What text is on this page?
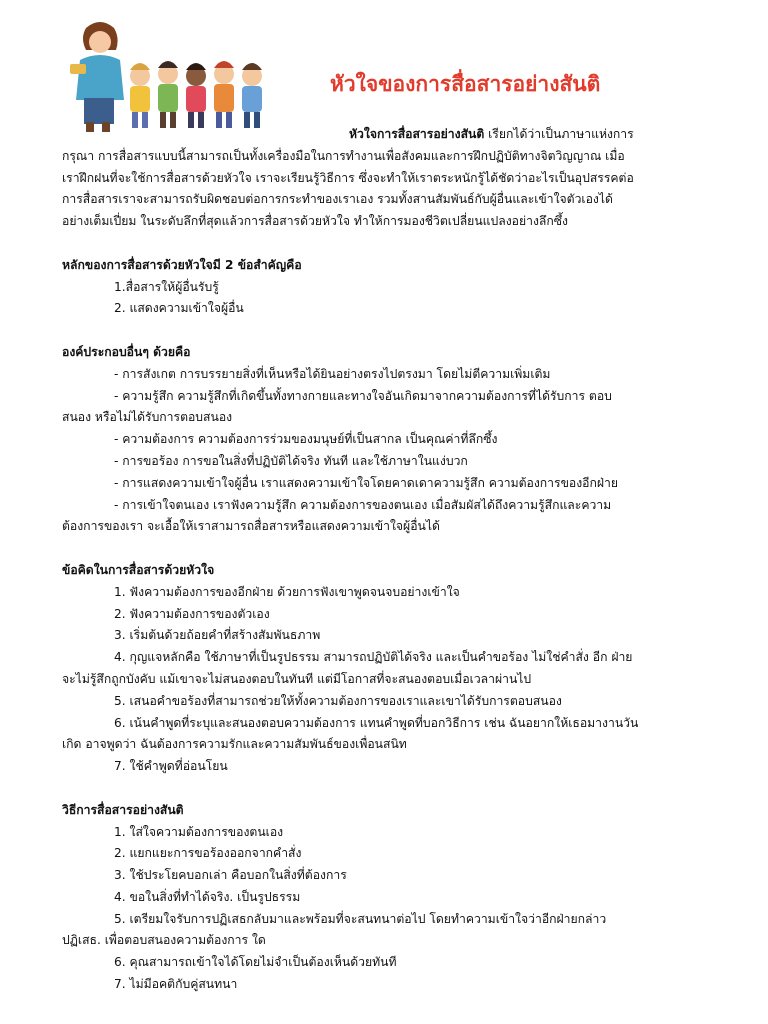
หัวใจของการสื่อสารอย่างสันติ
หัวใจการสื่อสารอย่างสันติ เรียกได้ว่าเป็นภาษาแห่งการ
กรุณา การสื่อสารแบบนี้สามารถเป็นทั้งเครื่องมือในการทำงานเพื่อสังคมและการฝึกปฏิบัติทางจิตวิญญาณ เมื่อ
เราฝึกฝนที่จะใช้การสื่อสารด้วยหัวใจ เราจะเรียนรู้วิธีการ ซึ่งจะทำให้เราตระหนักรู้ได้ชัดว่าอะไรเป็นอุปสรรคต่อ
การสื่อสารเราจะสามารถรับผิดชอบต่อการกระทำของเราเอง รวมทั้งสานสัมพันธ์กับผู้อื่นและเข้าใจตัวเองได้
อย่างเต็มเปี่ยม ในระดับลึกที่สุดแล้วการสื่อสารด้วยหัวใจ ทำให้การมองชีวิตเปลี่ยนแปลงอย่างลึกซึ้ง
หลักของการสื่อสารด้วยหัวใจมี 2 ข้อสำคัญคือ
1.สื่อสารให้ผู้อื่นรับรู้
2. แสดงความเข้าใจผู้อื่น
องค์ประกอบอื่นๆ ด้วยคือ
- การสังเกต การบรรยายสิ่งที่เห็นหรือได้ยินอย่างตรงไปตรงมา โดยไม่ตีความเพิ่มเติม
- ความรู้สึก ความรู้สึกที่เกิดขึ้นทั้งทางกายและทางใจอันเกิดมาจากความต้องการที่ได้รับการ ตอบ
สนอง หรือไม่ได้รับการตอบสนอง
- ความต้องการ ความต้องการร่วมของมนุษย์ที่เป็นสากล เป็นคุณค่าที่ลึกซึ้ง
- การขอร้อง การขอในสิ่งที่ปฏิบัติได้จริง ทันที และใช้ภาษาในแง่บวก
- การแสดงความเข้าใจผู้อื่น เราแสดงความเข้าใจโดยคาดเดาความรู้สึก ความต้องการของอีกฝ่าย
- การเข้าใจตนเอง เราฟังความรู้สึก ความต้องการของตนเอง เมื่อสัมผัสได้ถึงความรู้สึกและความ
ต้องการของเรา จะเอื้อให้เราสามารถสื่อสารหรือแสดงความเข้าใจผู้อื่นได้
ข้อคิดในการสื่อสารด้วยหัวใจ
1. ฟังความต้องการของอีกฝ่าย ด้วยการฟังเขาพูดจนจบอย่างเข้าใจ
2. ฟังความต้องการของตัวเอง
3. เริ่มต้นด้วยถ้อยคำที่สร้างสัมพันธภาพ
4. กุญแจหลักคือ ใช้ภาษาที่เป็นรูปธรรม สามารถปฏิบัติได้จริง และเป็นคำขอร้อง ไม่ใช่คำสั่ง อีก ฝ่าย
จะไม่รู้สึกถูกบังคับ แม้เขาจะไม่สนองตอบในทันที แต่มีโอกาสที่จะสนองตอบเมื่อเวลาผ่านไป
5. เสนอคำขอร้องที่สามารถช่วยให้ทั้งความต้องการของเราและเขาได้รับการตอบสนอง
6. เน้นคำพูดที่ระบุและสนองตอบความต้องการ แทนคำพูดที่บอกวิธีการ เช่น ฉันอยากให้เธอมางานวัน
เกิด อาจพูดว่า ฉันต้องการความรักและความสัมพันธ์ของเพื่อนสนิท
7. ใช้คำพูดที่อ่อนโยน
วิธีการสื่อสารอย่างสันติ
1. ใส่ใจความต้องการของตนเอง
2. แยกแยะการขอร้องออกจากคำสั่ง
3. ใช้ประโยคบอกเล่า คือบอกในสิ่งที่ต้องการ
4. ขอในสิ่งที่ทำได้จริง. เป็นรูปธรรม
5. เตรียมใจรับการปฏิเสธกลับมาและพร้อมที่จะสนทนาต่อไป โดยทำความเข้าใจว่าอีกฝ่ายกล่าว
ปฏิเสธ. เพื่อตอบสนองความต้องการ ใด
6. คุณสามารถเข้าใจได้โดยไม่จำเป็นต้องเห็นด้วยทันที
7. ไม่มีอคติกับคู่สนทนา
